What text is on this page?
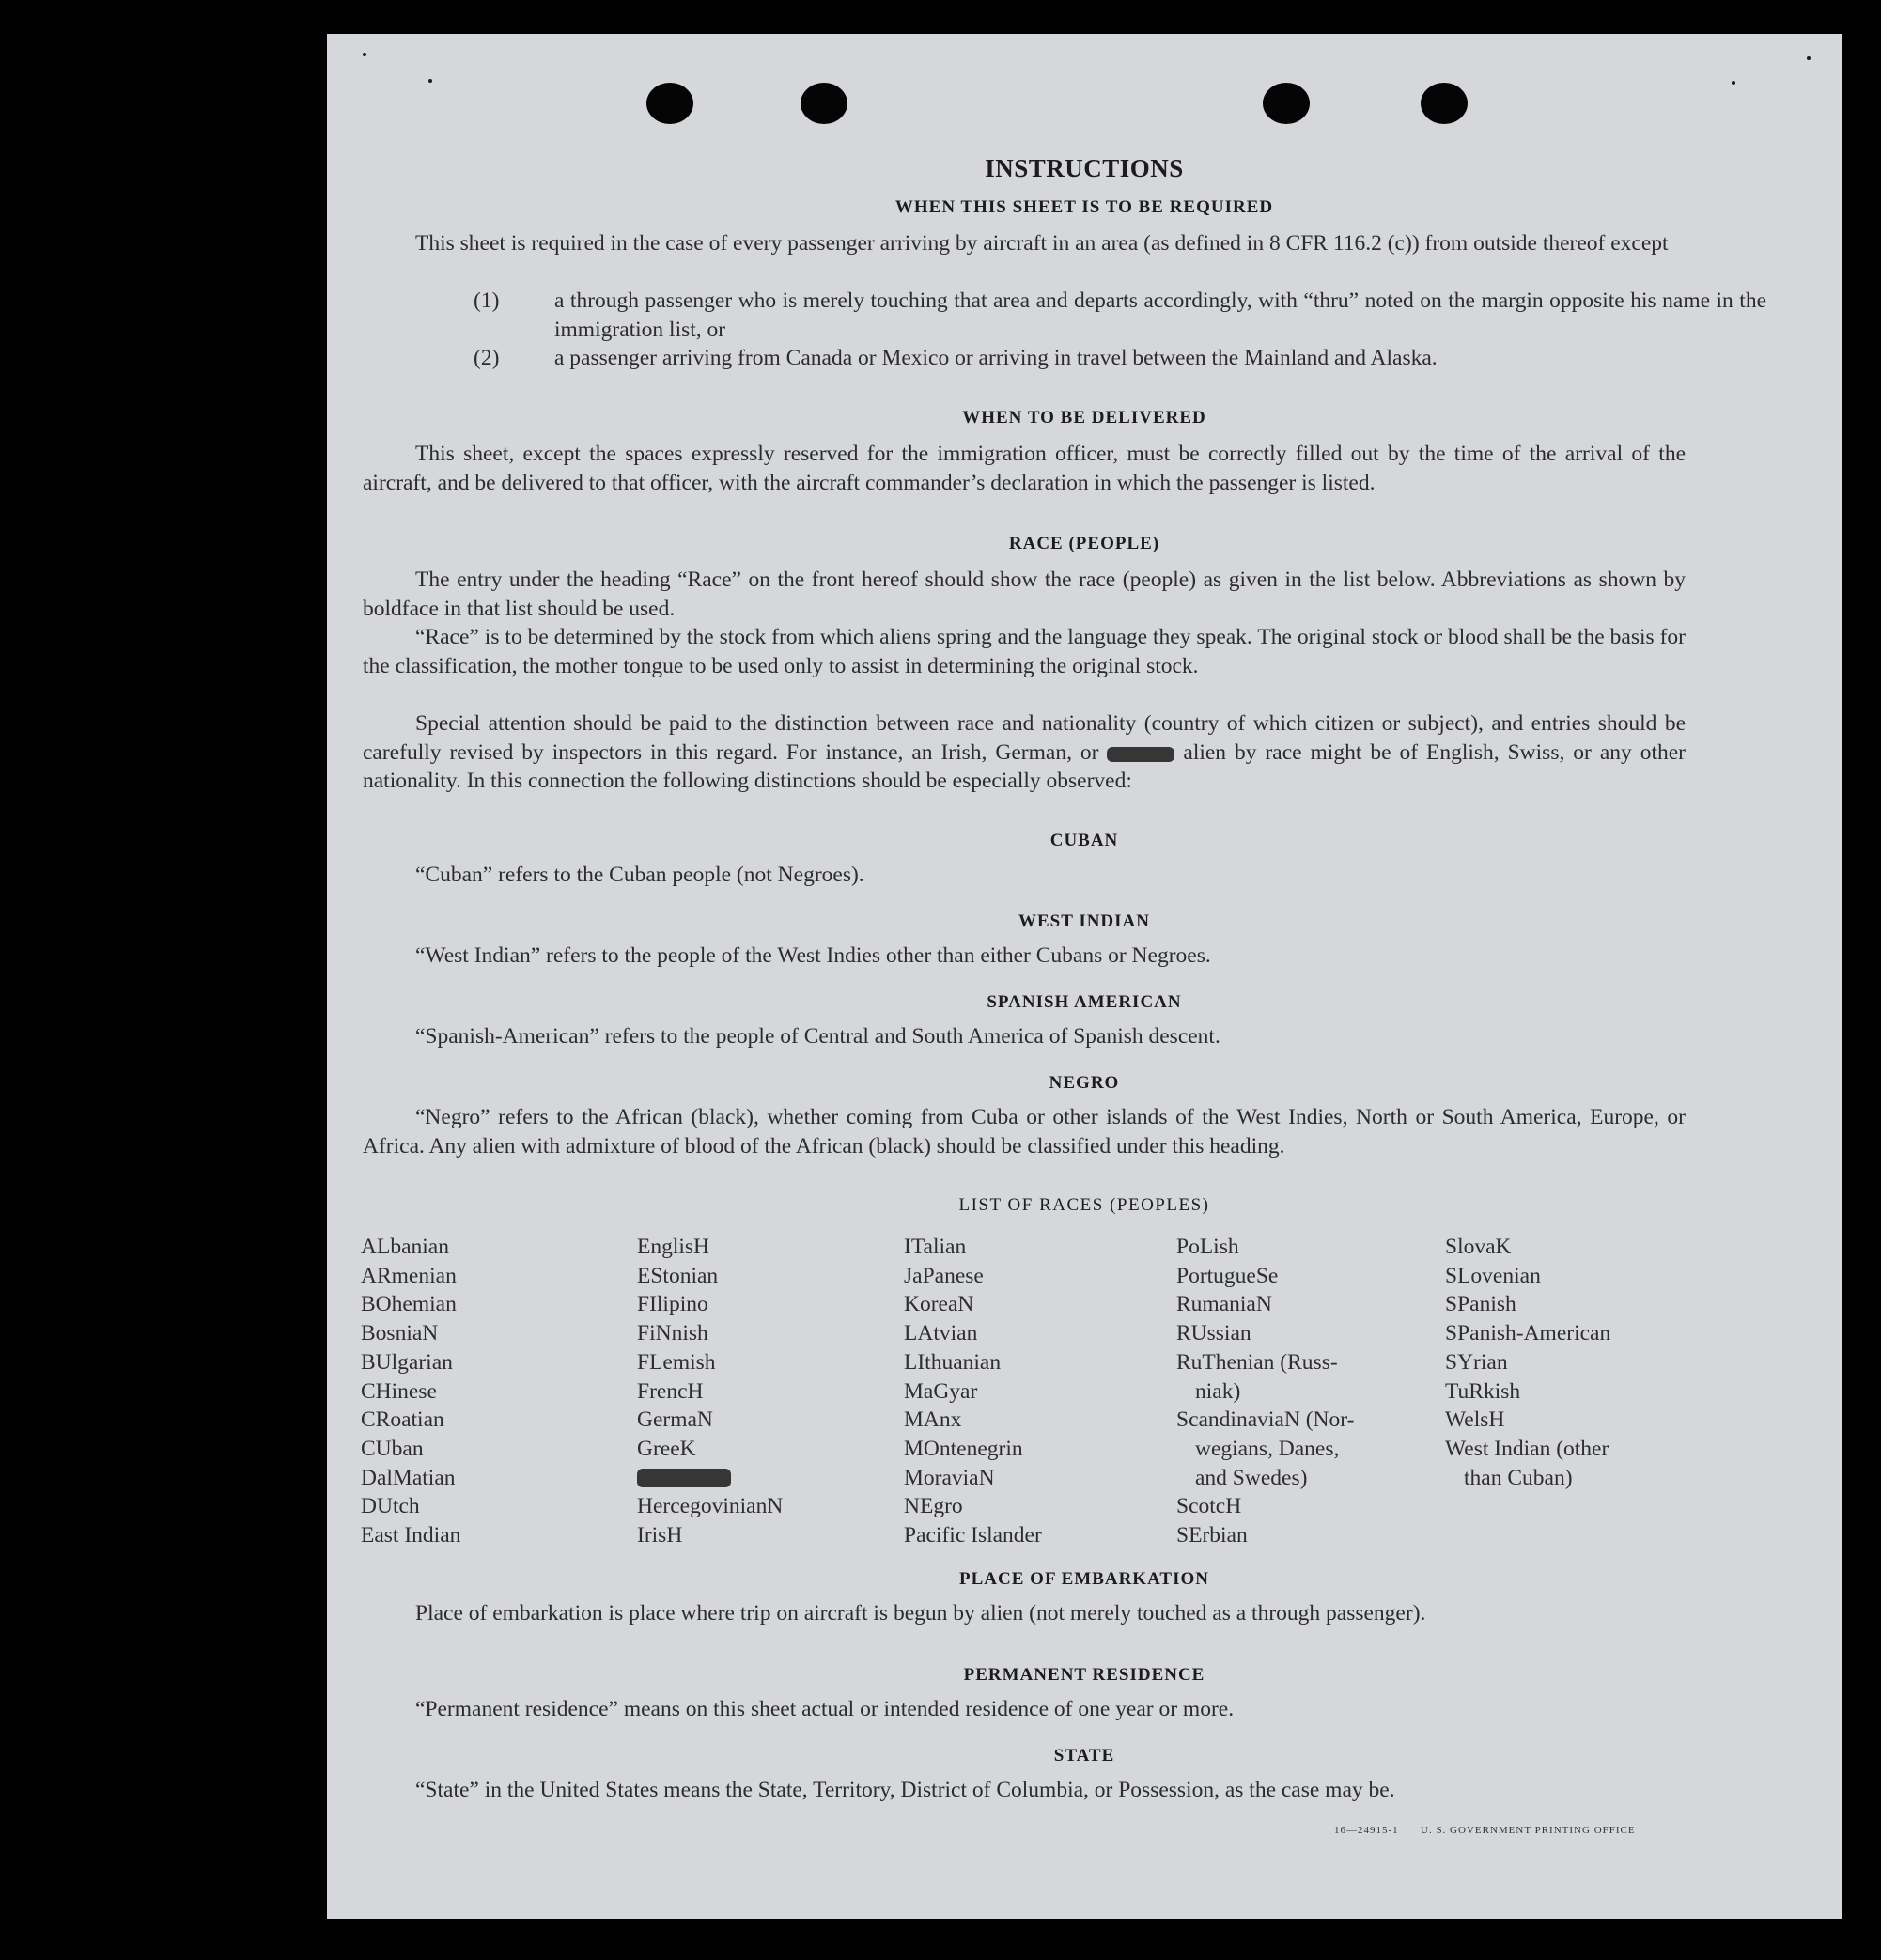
INSTRUCTIONS
WHEN THIS SHEET IS TO BE REQUIRED
This sheet is required in the case of every passenger arriving by aircraft in an area (as defined in 8 CFR 116.2 (c)) from outside thereof except
(1) a through passenger who is merely touching that area and departs accordingly, with “thru” noted on the margin opposite his name in the immigration list, or
(2) a passenger arriving from Canada or Mexico or arriving in travel between the Mainland and Alaska.
WHEN TO BE DELIVERED
This sheet, except the spaces expressly reserved for the immigration officer, must be correctly filled out by the time of the arrival of the aircraft, and be delivered to that officer, with the aircraft commander’s declaration in which the passenger is listed.
RACE (PEOPLE)
The entry under the heading “Race” on the front hereof should show the race (people) as given in the list below. Abbreviations as shown by boldface in that list should be used.
“Race” is to be determined by the stock from which aliens spring and the language they speak. The original stock or blood shall be the basis for the classification, the mother tongue to be used only to assist in determining the original stock.
Special attention should be paid to the distinction between race and nationality (country of which citizen or subject), and entries should be carefully revised by inspectors in this regard. For instance, an Irish, German, or	alien by race might be of English, Swiss, or any other nationality. In this connection the following distinctions should be especially observed:
CUBAN
“Cuban” refers to the Cuban people (not Negroes).
WEST INDIAN
“West Indian” refers to the people of the West Indies other than either Cubans or Negroes.
SPANISH AMERICAN
“Spanish-American” refers to the people of Central and South America of Spanish descent.
NEGRO
“Negro” refers to the African (black), whether coming from Cuba or other islands of the West Indies, North or South America, Europe, or Africa. Any alien with admixture of blood of the African (black) should be classified under this heading.
LIST OF RACES (PEOPLES)
ALbanian
ARmenian
BOhemian
BosniaN
BUlgarian
CHinese
CRoatian
CUban
DalMatian
DUtch
East Indian
EnglisH
EStonian
FIlipino
FiNnish
FLemish
FrencH
GermaN
GreeK
HercegovinianN
IrisH
ITalian
JaPanese
KoreaN
LAtvian
LIthuanian
MaGyar
MAnx
MOntenegrin
MoraviaN
NEgro
Pacific Islander
PoLish
PortugueSe
RumaniaN
RUssian
RuThenian (Russ-
niak)
ScandinaviaN (Nor-
wegians, Danes,
and Swedes)
ScotcH
SErbian
SlovaK
SLovenian
SPanish
SPanish-American
SYrian
TuRkish
WelsH
West Indian (other
than Cuban)
PLACE OF EMBARKATION
Place of embarkation is place where trip on aircraft is begun by alien (not merely touched as a through passenger).
PERMANENT RESIDENCE
“Permanent residence” means on this sheet actual or intended residence of one year or more.
STATE
“State” in the United States means the State, Territory, District of Columbia, or Possession, as the case may be.
16—24915-1 U. S. GOVERNMENT PRINTING OFFICE
